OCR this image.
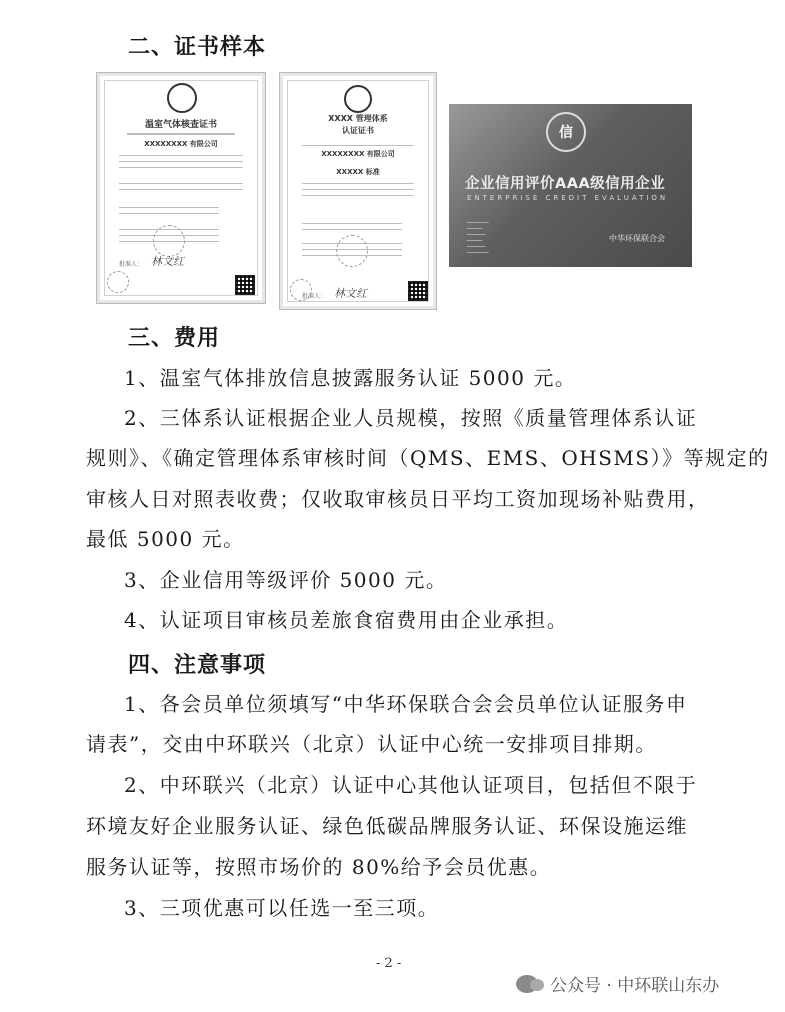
二、证书样本
温室气体核查证书
XXXXXXXX 有限公司
批准人： 林文红
XXXX 管理体系
认证证书
XXXXXXXX 有限公司
XXXXX 标准
批准人： 林文红
信
企业信用评价AAA级信用企业
ENTERPRISE CREDIT EVALUATION
▁▁▁▁▁▁▁
▁▁▁▁▁
▁▁▁▁▁▁
▁▁▁▁▁
▁▁▁▁▁▁
▁▁▁▁▁▁▁
中华环保联合会
三、费用
1、温室气体排放信息披露服务认证 5000 元。
2、三体系认证根据企业人员规模，按照《质量管理体系认证
规则》、《确定管理体系审核时间（QMS、EMS、OHSMS）》等规定的
审核人日对照表收费；仅收取审核员日平均工资加现场补贴费用，
最低 5000 元。
3、企业信用等级评价 5000 元。
4、认证项目审核员差旅食宿费用由企业承担。
四、注意事项
1、各会员单位须填写“中华环保联合会会员单位认证服务申
请表”，交由中环联兴（北京）认证中心统一安排项目排期。
2、中环联兴（北京）认证中心其他认证项目，包括但不限于
环境友好企业服务认证、绿色低碳品牌服务认证、环保设施运维
服务认证等，按照市场价的 80%给予会员优惠。
3、三项优惠可以任选一至三项。
- 2 -
公众号 · 中环联山东办
